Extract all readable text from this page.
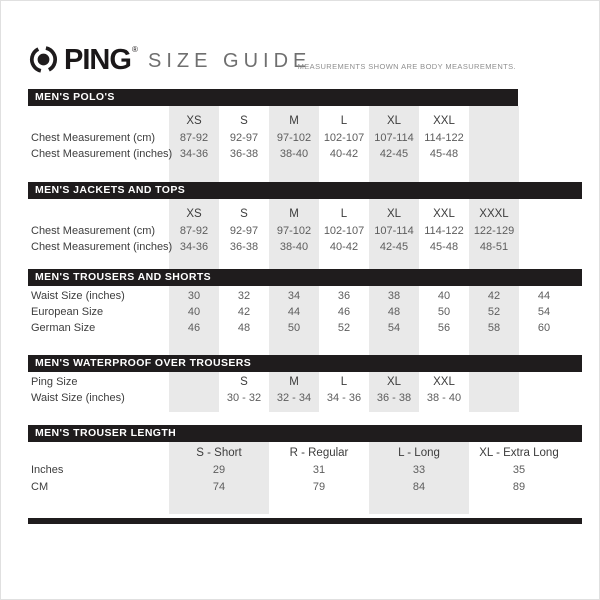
PING ®
SIZE GUIDE
MEASUREMENTS SHOWN ARE BODY MEASUREMENTS.
MEN'S POLO'S
XS	S	M	L	XL	XXL
Chest Measurement (cm)	87-92	92-97	97-102	102-107 107-114 114-122
Chest Measurement (inches) 34-36	36-38	38-40	40-42	42-45	45-48
MEN'S JACKETS AND TOPS
XS	S	M	L	XL	XXL	XXXL
Chest Measurement (cm)	87-92	92-97	97-102	102-107 107-114 114-122 122-129
Chest Measurement (inches) 34-36	36-38	38-40	40-42	42-45	45-48	48-51
MEN'S TROUSERS AND SHORTS
Waist Size (inches)	30	32	34	36	38	40	42	44
European Size	40	42	44	46	48	50	52	54
German Size	46	48	50	52	54	56	58	60
MEN'S WATERPROOF OVER TROUSERS
Ping Size	S	M	L	XL	XXL
Waist Size (inches)	30 - 32	32 - 34	34 - 36	36 - 38	38 - 40
MEN'S TROUSER LENGTH
S - Short	R - Regular	L - Long	XL - Extra Long
Inches	29	31	33	35
CM	74	79	84	89
